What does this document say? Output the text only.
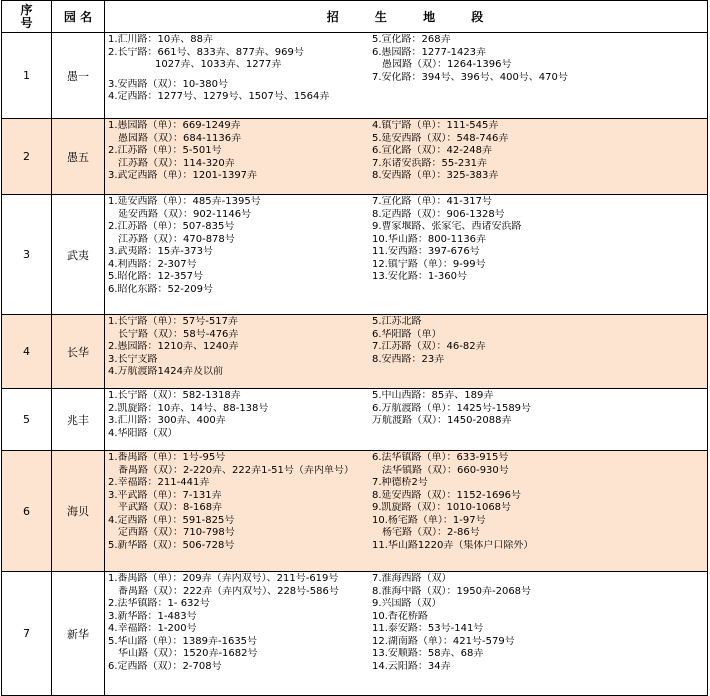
序
号	园 名	招 生 地 段
1	愚一
1.汇川路：10弄、88弄
2.长宁路：661号、833弄、877弄、969号
1027弄、1033弄、1277弄
3.安西路（双）：10-380号
4.定西路：1277号、1279号、1507号、1564弄
5.宣化路：268弄
6.愚园路：1277-1423弄
愚园路（双）：1264-1396号
7.安化路：394号、396号、400号、470号
2	愚五
1.愚园路（单）：669-1249弄
愚园路（双）：684-1136弄
2.江苏路（单）：5-501号
江苏路（双）：114-320弄
3.武定西路（单）：1201-1397弄
4.镇宁路（单）：111-545弄
5.延安西路（双）：548-746弄
6.宣化路（双）：42-248弄
7.东诸安浜路：55-231弄
8.安西路（单）：325-383弄
3	武夷
1.延安西路（单）：485弄-1395号
延安西路（双）：902-1146号
2.江苏路（单）：507-835号
江苏路（双）：470-878号
3.武夷路：15弄-373号
4.利西路：2-307号
5.昭化路：12-357号
6.昭化东路：52-209号
7.宣化路（单）：41-317号
8.定西路（双）：906-1328号
9.曹家堰路、张家宅、西诸安浜路
10.华山路：800-1136弄
11.安西路：397-676号
12.镇宁路（单）：9-99号
13.安化路：1-360号
4	长华
1.长宁路（单）：57号-517弄
长宁路（双）：58号-476弄
2.愚园路：1210弄、1240弄
3.长宁支路
4.万航渡路1424弄及以前
5.江苏北路
6.华阳路（单）
7.江苏路（双）：46-82弄
8.安西路：23弄
5	兆丰
1.长宁路（双）：582-1318弄
2.凯旋路：10弄、14号、88-138号
3.汇川路：300弄、400弄
4.华阳路（双）
5.中山西路：85弄、189弄
6.万航渡路（单）：1425号-1589号
万航渡路（双）：1450-2088弄
6	海贝
1.番禺路（单）：1号-95号
番禺路（双）：2-220弄、222弄1-51号（弄内单号）
2.幸福路：211-441弄
3.平武路（单）：7-131弄
平武路（双）：8-168弄
4.定西路（单）：591-825号
定西路（双）：710-798号
5.新华路（双）：506-728号
6.法华镇路（单）：633-915号
法华镇路（双）：660-930号
7.种德桥2号
8.延安西路（双）：1152-1696号
9.凯旋路（双）：1010-1068号
10.杨宅路（单）：1-97号
杨宅路（双）：2-86号
11.华山路1220弄（集体户口除外）
7	新华
1.番禺路（单）：209弄（弄内双号）、211号-619号
番禺路（双）：222弄（弄内双号）、228号-586号
2.法华镇路：1- 632号
3.新华路：1-483号
4.幸福路：1-200号
5.华山路（单）：1389弄-1635号
华山路（双）：1520弄-1682号
6.定西路（双）：2-708号
7.淮海西路（双）
8.淮海中路（双）：1950弄-2068号
9.兴国路（双）
10.香花桥路
11.泰安路：53号-141号
12.湖南路（单）：421号-579号
13.安顺路：58弄、68弄
14.云阳路：34弄
